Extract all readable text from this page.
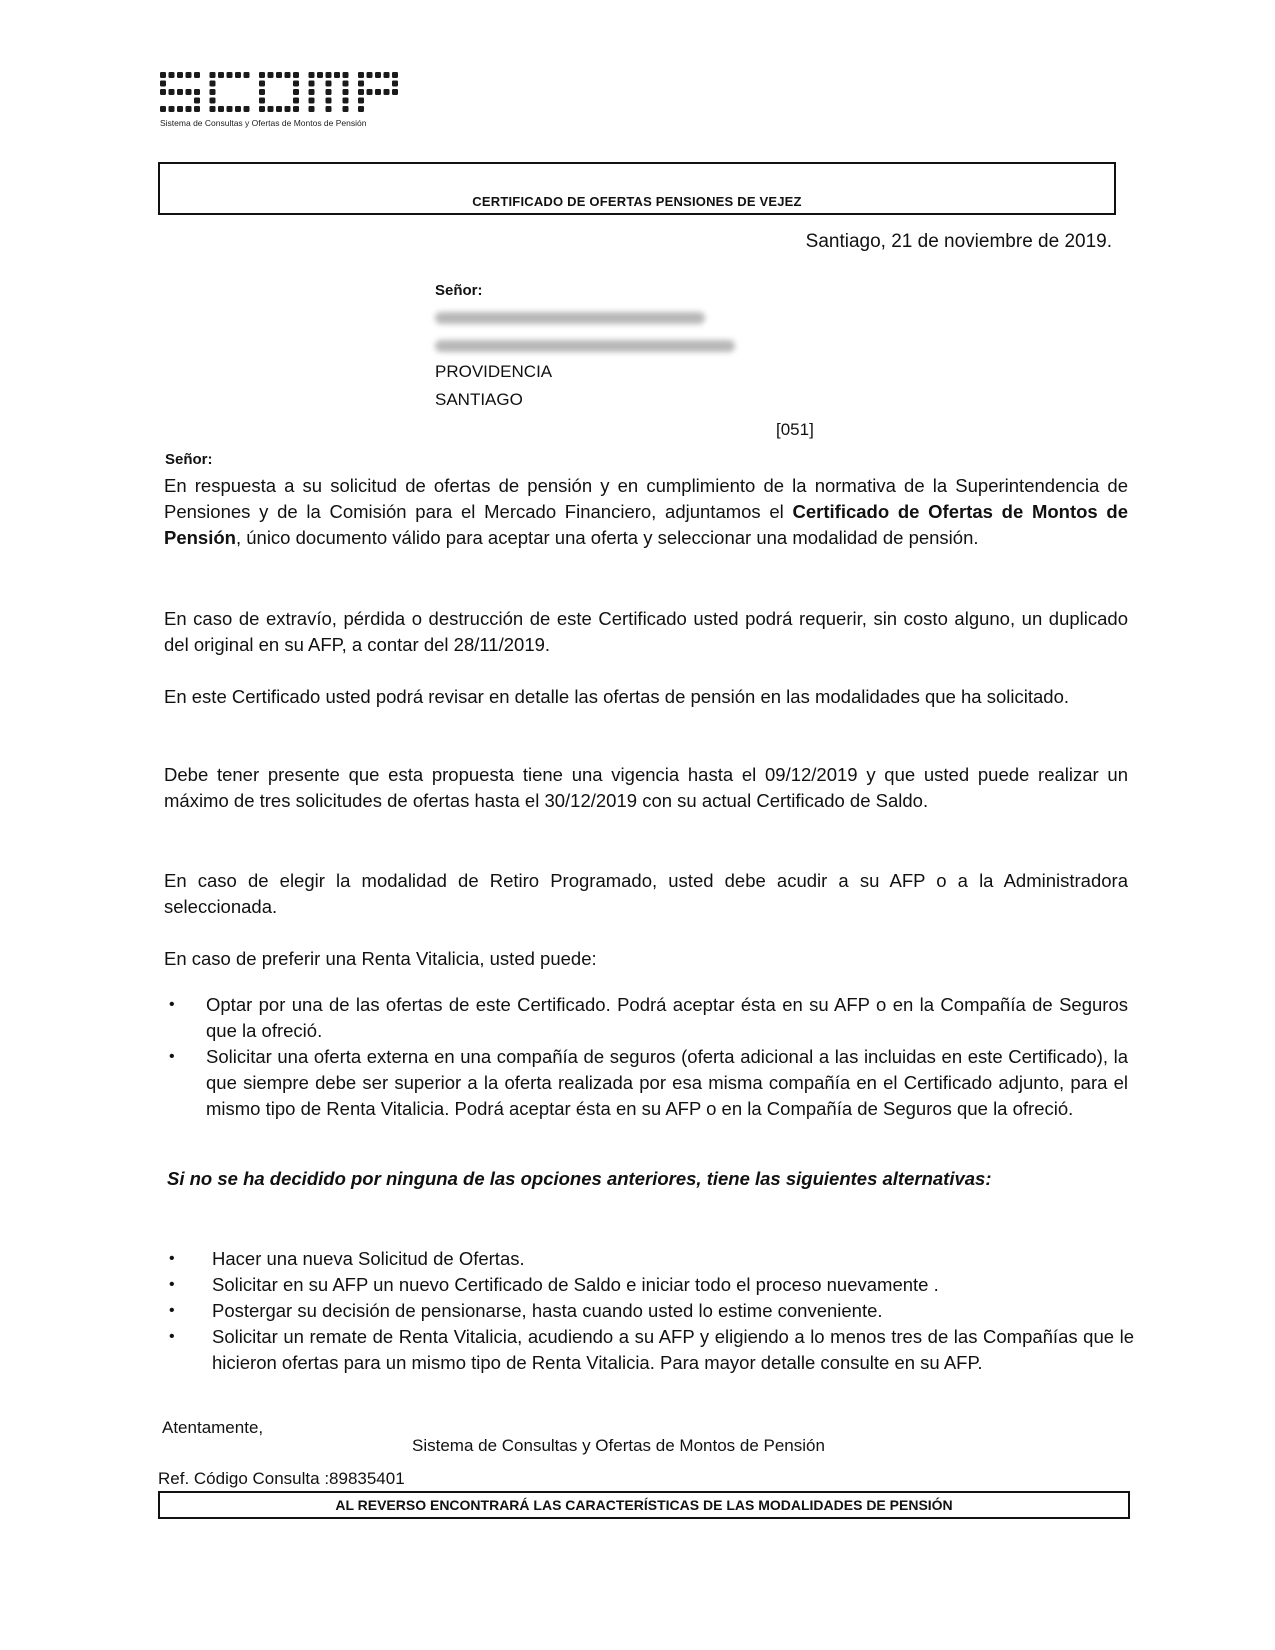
Sistema de Consultas y Ofertas de Montos de Pensión
CERTIFICADO DE OFERTAS PENSIONES DE VEJEZ
Santiago, 21 de noviembre de 2019.
Señor:
PROVIDENCIA
SANTIAGO
[051]
Señor:
En respuesta a su solicitud de ofertas de pensión y en cumplimiento de la normativa de la Superintendencia de Pensiones y de la Comisión para el Mercado Financiero, adjuntamos el Certificado de Ofertas de Montos de Pensión, único documento válido para aceptar una oferta y seleccionar una modalidad de pensión.
En caso de extravío, pérdida o destrucción de este Certificado usted podrá requerir, sin costo alguno, un duplicado del original en su AFP, a contar del 28/11/2019.
En este Certificado usted podrá revisar en detalle las ofertas de pensión en las modalidades que ha solicitado.
Debe tener presente que esta propuesta tiene una vigencia hasta el 09/12/2019 y que usted puede realizar un máximo de tres solicitudes de ofertas hasta el 30/12/2019 con su actual Certificado de Saldo.
En caso de elegir la modalidad de Retiro Programado, usted debe acudir a su AFP o a la Administradora seleccionada.
En caso de preferir una Renta Vitalicia, usted puede:
• Optar por una de las ofertas de este Certificado. Podrá aceptar ésta en su AFP o en la Compañía de Seguros que la ofreció.
• Solicitar una oferta externa en una compañía de seguros (oferta adicional a las incluidas en este Certificado), la que siempre debe ser superior a la oferta realizada por esa misma compañía en el Certificado adjunto, para el mismo tipo de Renta Vitalicia. Podrá aceptar ésta en su AFP o en la Compañía de Seguros que la ofreció.
Si no se ha decidido por ninguna de las opciones anteriores, tiene las siguientes alternativas:
• Hacer una nueva Solicitud de Ofertas.
• Solicitar en su AFP un nuevo Certificado de Saldo e iniciar todo el proceso nuevamente .
• Postergar su decisión de pensionarse, hasta cuando usted lo estime conveniente.
• Solicitar un remate de Renta Vitalicia, acudiendo a su AFP y eligiendo a lo menos tres de las Compañías que le hicieron ofertas para un mismo tipo de Renta Vitalicia. Para mayor detalle consulte en su AFP.
Atentamente,
Sistema de Consultas y Ofertas de Montos de Pensión
Ref. Código Consulta :89835401
AL REVERSO ENCONTRARÁ LAS CARACTERÍSTICAS DE LAS MODALIDADES DE PENSIÓN
